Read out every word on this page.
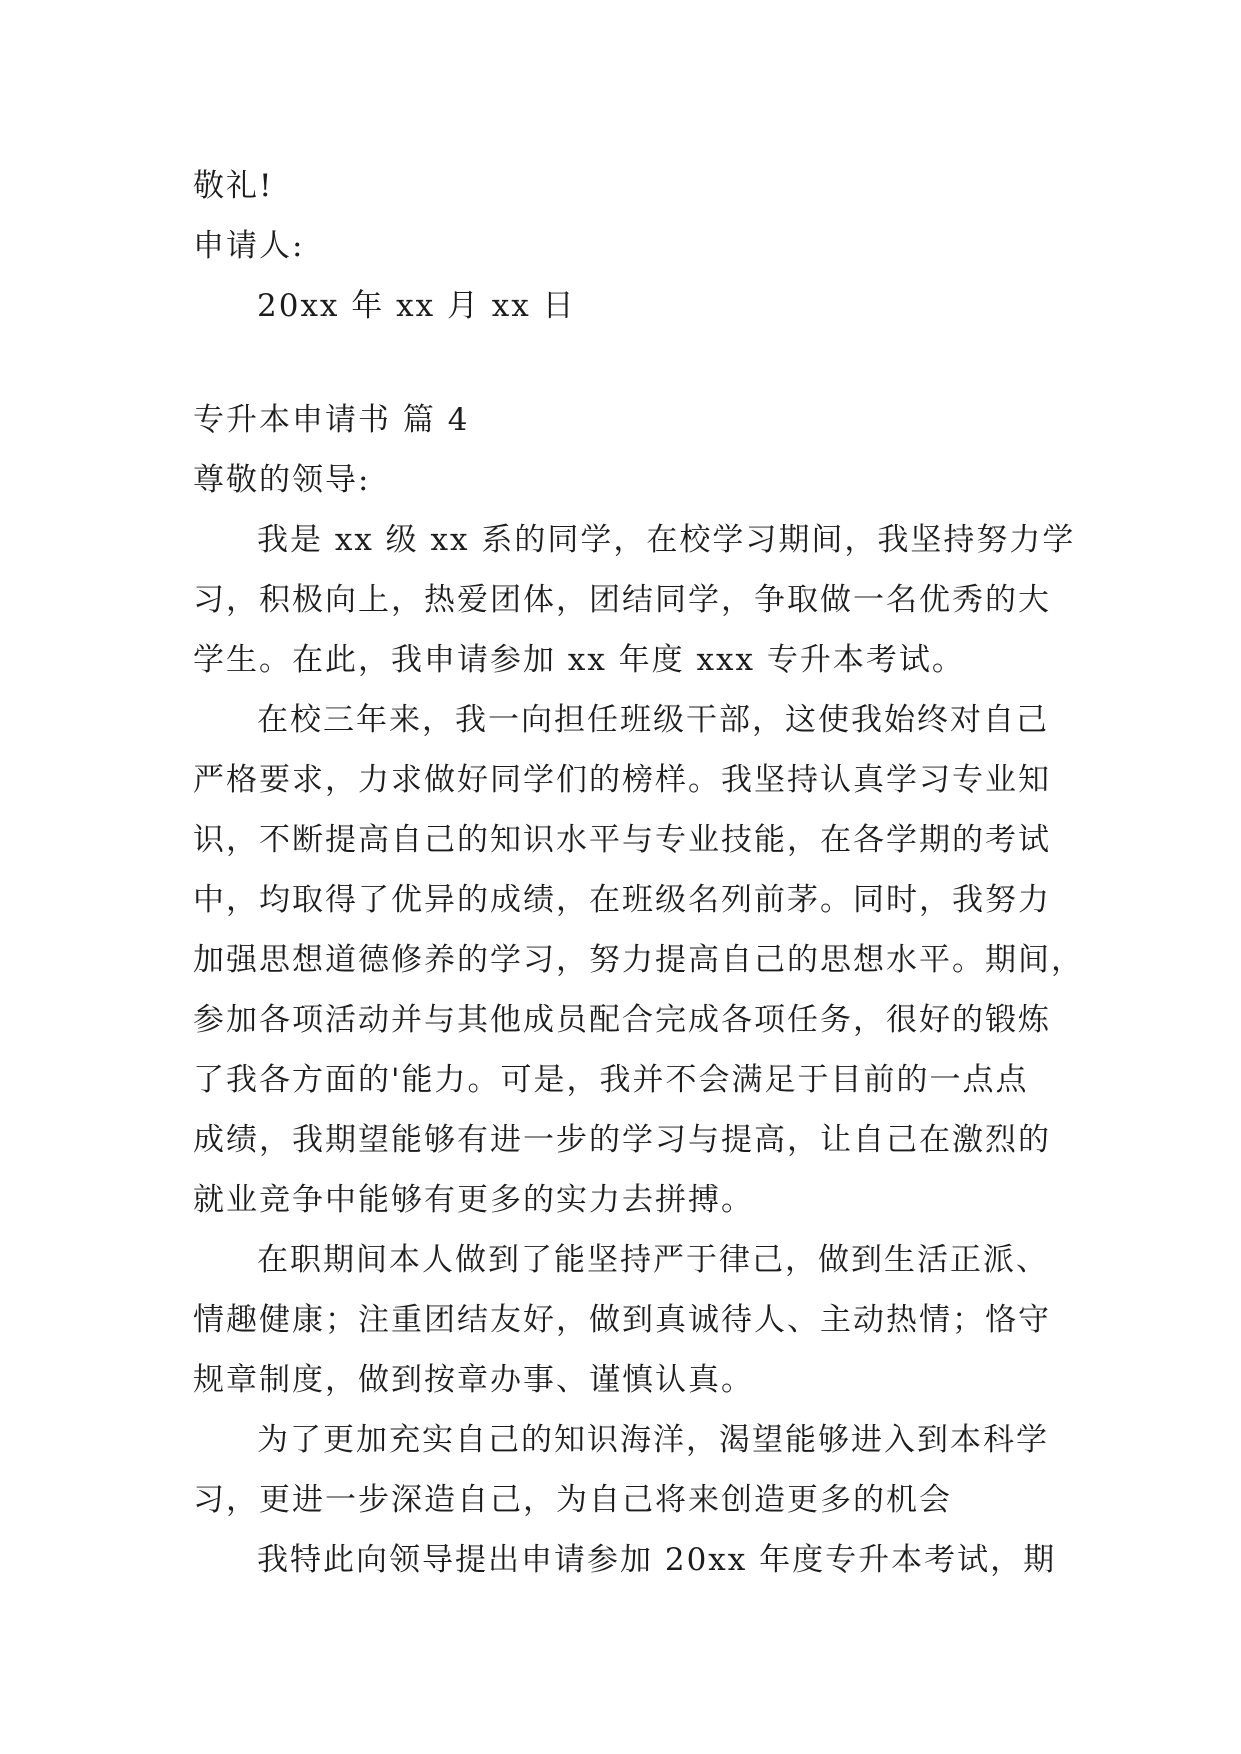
敬礼!
申请人:
20xx 年 xx 月 xx 日
专升本申请书 篇 4
尊敬的领导:
我是 xx 级 xx 系的同学，在校学习期间，我坚持努力学
习，积极向上，热爱团体，团结同学，争取做一名优秀的大
学生。在此，我申请参加 xx 年度 xxx 专升本考试。
在校三年来，我一向担任班级干部，这使我始终对自己
严格要求，力求做好同学们的榜样。我坚持认真学习专业知
识，不断提高自己的知识水平与专业技能，在各学期的考试
中，均取得了优异的成绩，在班级名列前茅。同时，我努力
加强思想道德修养的学习，努力提高自己的思想水平。期间，
参加各项活动并与其他成员配合完成各项任务，很好的锻炼
了我各方面的'能力。可是，我并不会满足于目前的一点点
成绩，我期望能够有进一步的学习与提高，让自己在激烈的
就业竞争中能够有更多的实力去拼搏。
在职期间本人做到了能坚持严于律己，做到生活正派、
情趣健康；注重团结友好，做到真诚待人、主动热情；恪守
规章制度，做到按章办事、谨慎认真。
为了更加充实自己的知识海洋，渴望能够进入到本科学
习，更进一步深造自己，为自己将来创造更多的机会
我特此向领导提出申请参加 20xx 年度专升本考试，期
